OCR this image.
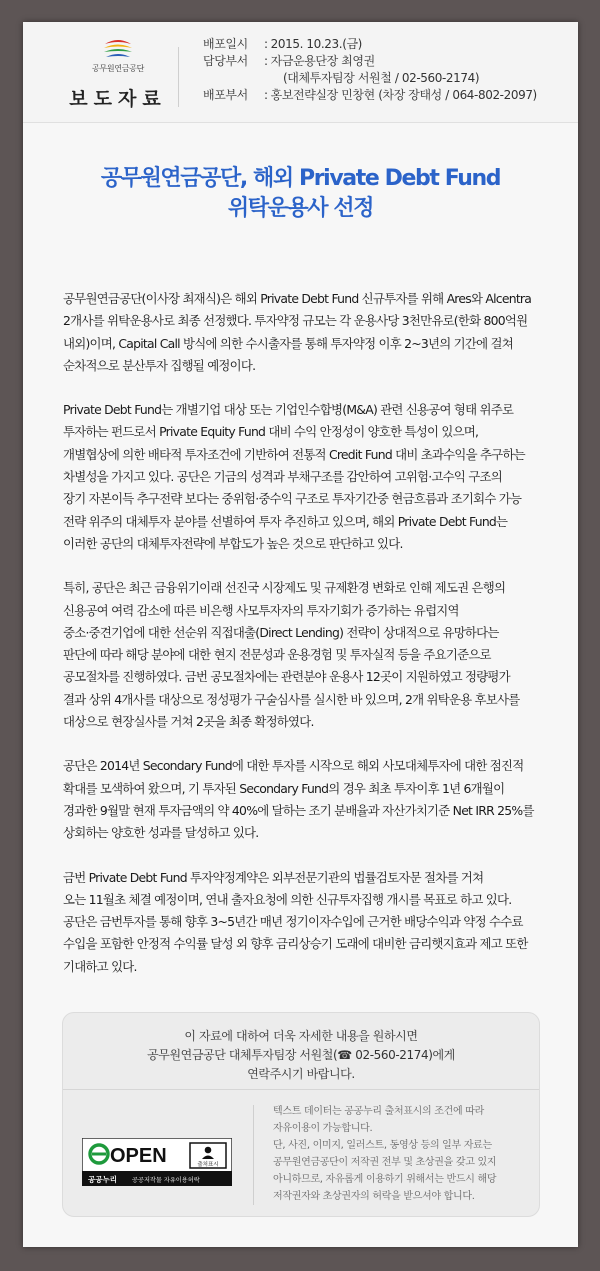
공무원연금공단
보도자료
배포일시 : 2015. 10.23.(금)
담당부서 : 자금운용단장 최영권
(대체투자팀장 서원철 / 02-560-2174)
배포부서 : 홍보전략실장 민창현 (차장 장태성 / 064-802-2097)
공무원연금공단, 해외 Private Debt Fund
위탁운용사 선정
공무원연금공단(이사장 최재식)은 해외 Private Debt Fund 신규투자를 위해 Ares와 Alcentra
2개사를 위탁운용사로 최종 선정했다. 투자약정 규모는 각 운용사당 3천만유로(한화 800억원
내외)이며, Capital Call 방식에 의한 수시출자를 통해 투자약정 이후 2~3년의 기간에 걸쳐
순차적으로 분산투자 집행될 예정이다.
Private Debt Fund는 개별기업 대상 또는 기업인수합병(M&A) 관련 신용공여 형태 위주로
투자하는 펀드로서 Private Equity Fund 대비 수익 안정성이 양호한 특성이 있으며,
개별협상에 의한 배타적 투자조건에 기반하여 전통적 Credit Fund 대비 초과수익을 추구하는
차별성을 가지고 있다. 공단은 기금의 성격과 부채구조를 감안하여 고위험·고수익 구조의
장기 자본이득 추구전략 보다는 중위험·중수익 구조로 투자기간중 현금흐름과 조기회수 가능
전략 위주의 대체투자 분야를 선별하여 투자 추진하고 있으며, 해외 Private Debt Fund는
이러한 공단의 대체투자전략에 부합도가 높은 것으로 판단하고 있다.
특히, 공단은 최근 금융위기이래 선진국 시장제도 및 규제환경 변화로 인해 제도권 은행의
신용공여 여력 감소에 따른 비은행 사모투자자의 투자기회가 증가하는 유럽지역
중소·중견기업에 대한 선순위 직접대출(Direct Lending) 전략이 상대적으로 유망하다는
판단에 따라 해당 분야에 대한 현지 전문성과 운용경험 및 투자실적 등을 주요기준으로
공모절차를 진행하였다. 금번 공모절차에는 관련분야 운용사 12곳이 지원하였고 정량평가
결과 상위 4개사를 대상으로 정성평가 구술심사를 실시한 바 있으며, 2개 위탁운용 후보사를
대상으로 현장실사를 거쳐 2곳을 최종 확정하였다.
공단은 2014년 Secondary Fund에 대한 투자를 시작으로 해외 사모대체투자에 대한 점진적
확대를 모색하여 왔으며, 기 투자된 Secondary Fund의 경우 최초 투자이후 1년 6개월이
경과한 9월말 현재 투자금액의 약 40%에 달하는 조기 분배율과 자산가치기준 Net IRR 25%를
상회하는 양호한 성과를 달성하고 있다.
금번 Private Debt Fund 투자약정계약은 외부전문기관의 법률검토자문 절차를 거쳐
오는 11월초 체결 예정이며, 연내 출자요청에 의한 신규투자집행 개시를 목표로 하고 있다.
공단은 금번투자를 통해 향후 3~5년간 매년 정기이자수입에 근거한 배당수익과 약정 수수료
수입을 포함한 안정적 수익률 달성 외 향후 금리상승기 도래에 대비한 금리햇지효과 제고 또한
기대하고 있다.
이 자료에 대하여 더욱 자세한 내용을 원하시면
공무원연금공단 대체투자팀장 서원철(☎ 02-560-2174)에게
연락주시기 바랍니다.
OPEN	출처표시
공공누리 공공저작물 자유이용허락
텍스트 데이터는 공공누리 출처표시의 조건에 따라
자유이용이 가능합니다.
단, 사진, 이미지, 일러스트, 동영상 등의 일부 자료는
공무원연금공단이 저작권 전부 및 초상권을 갖고 있지
아니하므로, 자유롭게 이용하기 위해서는 반드시 해당
저작권자와 초상권자의 허락을 받으셔야 합니다.
